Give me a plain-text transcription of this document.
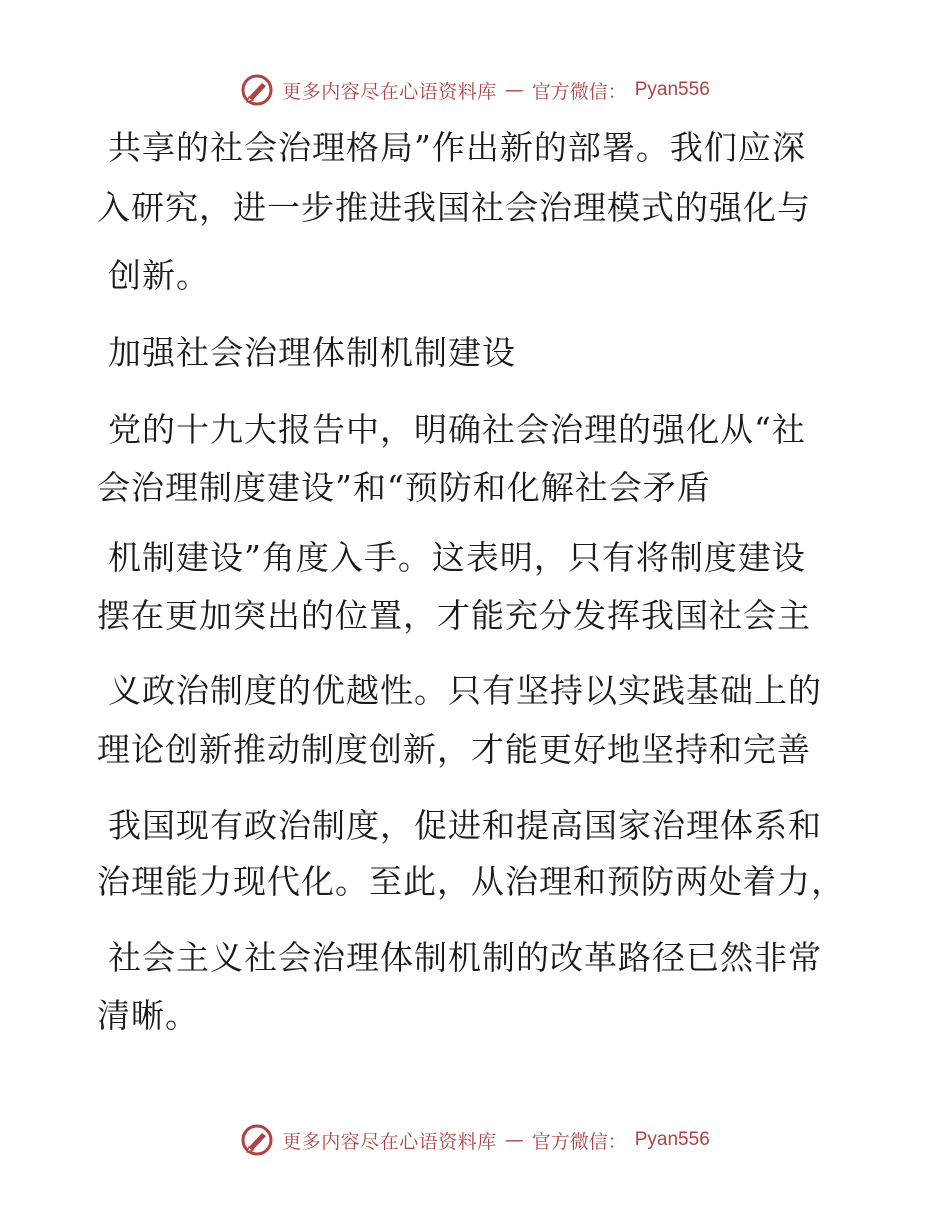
更多内容尽在心语资料库 — 官方微信： Pyan556
共享的社会治理格局”作出新的部署。我们应深
入研究，进一步推进我国社会治理模式的强化与
创新。
加强社会治理体制机制建设
党的十九大报告中，明确社会治理的强化从“社
会治理制度建设”和“预防和化解社会矛盾
机制建设”角度入手。这表明，只有将制度建设
摆在更加突出的位置，才能充分发挥我国社会主
义政治制度的优越性。只有坚持以实践基础上的
理论创新推动制度创新，才能更好地坚持和完善
我国现有政治制度，促进和提高国家治理体系和
治理能力现代化。至此，从治理和预防两处着力，
社会主义社会治理体制机制的改革路径已然非常
清晰。
更多内容尽在心语资料库 — 官方微信： Pyan556
